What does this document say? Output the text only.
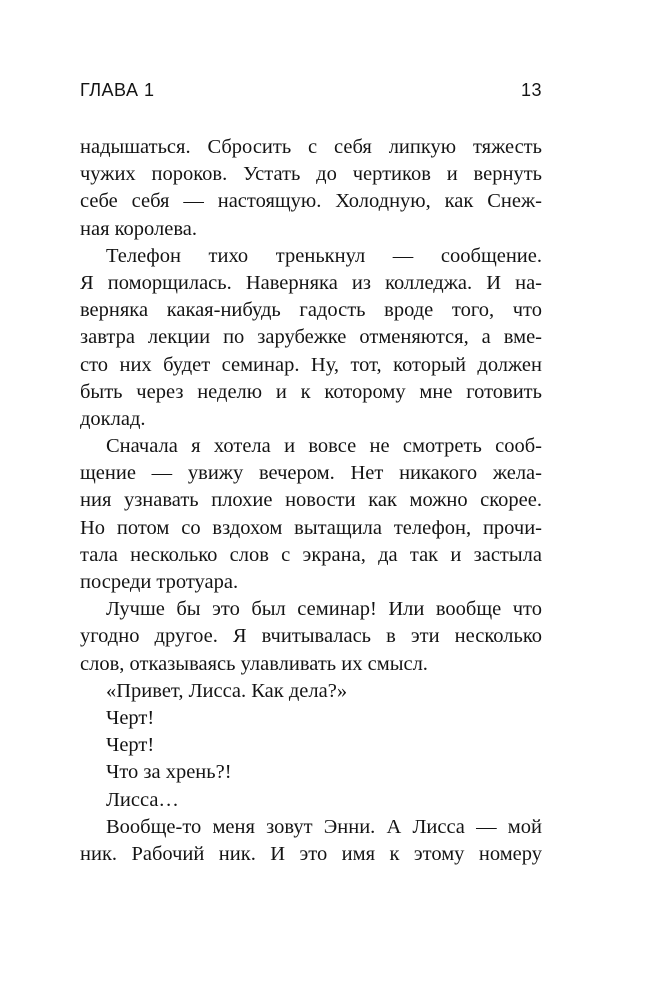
ГЛАВА 1	13
надышаться. Сбросить с себя липкую тяжесть
чужих пороков. Устать до чертиков и вернуть
себе себя — настоящую. Холодную, как Снеж-
ная королева.
Телефон тихо тренькнул — сообщение.
Я поморщилась. Наверняка из колледжа. И на-
верняка какая-нибудь гадость вроде того, что
завтра лекции по зарубежке отменяются, а вме-
сто них будет семинар. Ну, тот, который должен
быть через неделю и к которому мне готовить
доклад.
Сначала я хотела и вовсе не смотреть сооб-
щение — увижу вечером. Нет никакого жела-
ния узнавать плохие новости как можно скорее.
Но потом со вздохом вытащила телефон, прочи-
тала несколько слов с экрана, да так и застыла
посреди тротуара.
Лучше бы это был семинар! Или вообще что
угодно другое. Я вчитывалась в эти несколько
слов, отказываясь улавливать их смысл.
«Привет, Лисса. Как дела?»
Черт!
Черт!
Что за хрень?!
Лисса…
Вообще-то меня зовут Энни. А Лисса — мой
ник. Рабочий ник. И это имя к этому номеру
